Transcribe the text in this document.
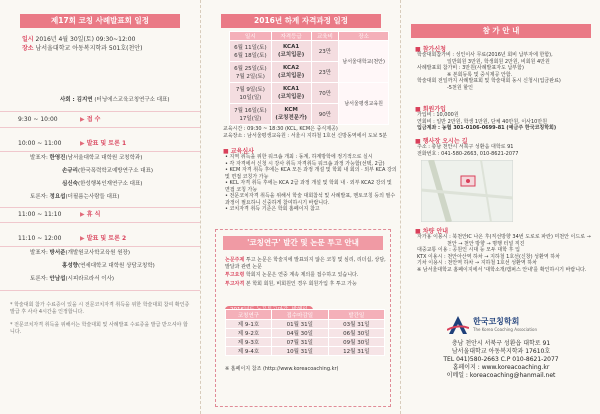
제17회 코칭 사례발표회 일정
일시 2016년 4월 30일(토) 09:30~12:00
장소 남서울대학교 아동복지학과 501호(천안)
사회 : 김지연 (터닝에스교육코칭연구소 대표)
9:30 ~ 10:00	▶ 접 수
10:00 ~ 11:00	▶ 발표 및 토론 1
발표자: 한영진(남서울대학교 대학원 코칭학과)
손규리(한국폭력학교예방연구소 대표)
심신숙(한성행복인재연구소 대표)
토론자: 정요섭(더필름는사람들 대표)
11:00 ~ 11:10	▶ 휴 식
11:10 ~ 12:00	▶ 발표 및 토론 2
발표자: 방서준(개발원코사학교육원 원장)
홍성향(연세대학교 대학원 상담코칭학)
토론자: 안남섭(시피라르라서 이사)
* 학술대회 참가 수료증이 있을 시 전문코치자격 취득을 위한 학술대회 참여 확인증 발급 후 사사 4시간을 인정합니다.
* 전문코치자격 취득을 위해서는 학술대회 및 사례발표 수료증을 발급 받으셔야 합니다.
2016년 하계 자격과정 일정
일시	자격등급	교육비	장소
6월 11일(토)
6월 18일(토)	KCA1
(코치입문)	23만	남서울대학교(천안)
6월 25일(토)
7월 2일(토)	KCA2
(코치입문)	23만	
7월 9일(토)
10일(일)	KCA1
(코치입문)	70만	남서울평생교육원
7월 16일(토)
17일(일)	KCM
(코칭전문가)	90만	
교육시간 : 09:30 ~ 18:30 (KCL, KCM은 중식제공)
교육장소 : 남서울평생교육원 : 서울시 지하철 1호선 신방동역에서 도보 5분
■ 교육심사
• 지역 취득을 위한 워크숍 개최 : 동계, 하계방학에 정기적으로 실시
• 각 자격에서 신청 시 강사 취득 자격취득 워크숍 과정 가능함(선택, 2급)
• KCM 자격 취득 후에는 KCA 모든 과정 개설 및 학회 내 회의 · 외부 KCA 강의 및 면접 코칭가 가능
• KCL 자격 취득 후에는 KCA 2급 과정 개설 및 학회 내 · 외부 KCA2 강의 및 면접 코칭 가능
• 전문코치자격 취득을 위해서 학술 대회참석 및 사례발표, 멘토코칭 등의 필수과정이 필요하니 신중하게 참여하시기 바랍니다.
• 코치자격 취득 기준은 학회 홈페이지 참고
'코칭연구' 발간 및 논문 투고 안내
논문주제 투고 논문은 학술지에 발표되지 않은 코칭 및 심리, 리더십, 상담, 발달과 관련 논문
투고요령 학회지 논문은 연중 계속 제의를 접수하고 있습니다.
투고자격 본 학회 회원, 비회원인 경우 회원가입 후 투고 가능
코칭연구	접수마감일	발간일
제 9-1호	01월 31일	03월 31일
제 9-2호	04월 30일	06월 30일
제 9-3호	07월 31일	09월 30일
제 9-4호	10월 31일	12월 31일
※ 홈페이지 참조 (http://www.koreacoaching.kr)
참 가 안 내
■ 참가신청
학술대회참가비 : 성인이사 무료(2016년 회비 납부자에 한함),
일반회원 3만원, 학생회원 2만원, 비회원 4만원
사례발표회 참가비 : 3만원(사례발표자도 납부함)
※ 본회등록 및 중식제공 안함.
학술대회 전일까지 사례발표회 및 학술대회 동시 신청시(입금완료)
-5천원 할인
■ 회원가입
가입비 : 10,000원
연회비 : 일반 2만원, 학생 1만원, 단체 40만원, 이사10만원
입금계좌 : 농협 301-0106-0699-81 (예금주 한국코칭학회)
■ 행사장 오시는 길
주소 : 충남 천안시 서북구 성환읍 대학로 91
전화번호 : 041-580-2663, 010-8621-2077
■ 차량 안내
자가용 이용시 : 북천안IC 나온 후(직선방향 34번 도로로 파란) 미천안 이드로 →
천안 → 천안 방향 → 명행 터널 직진
대중교통 이용 : 공원인 시대 등 모두 대학 후 입
KTX 이용시 : 천안아산역 하차 → 지하철 1호선(신창) 성환역 하차
기차 이용시 : 천안역 하차 → 지하철 1호선 성환역 하차
※ 남서울대학교 홈페이지에서 '대학소개/캠퍼스 안내'를 확인하시기 바랍니다.
한국코칭학회
The Korea Coaching Association
충남 천안시 서북구 성환읍 대학로 91
남서울대학교 아동복지학과 17610호
TEL 041)580-2663 C.P 010-8621-2077
홈페이지 : www.koreacoaching.kr
이메일 : koreacoaching@hanmail.net
